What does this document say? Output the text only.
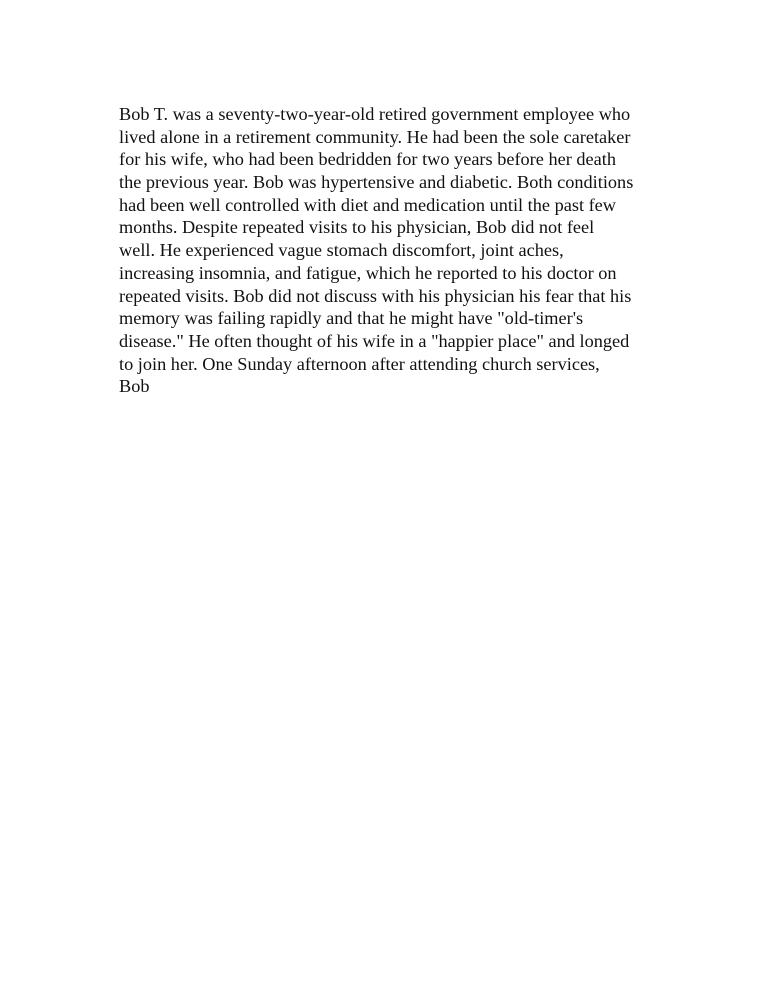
Bob T. was a seventy-two-year-old retired government employee who
lived alone in a retirement community. He had been the sole caretaker
for his wife, who had been bedridden for two years before her death
the previous year. Bob was hypertensive and diabetic. Both conditions
had been well controlled with diet and medication until the past few
months. Despite repeated visits to his physician, Bob did not feel
well. He experienced vague stomach discomfort, joint aches,
increasing insomnia, and fatigue, which he reported to his doctor on
repeated visits. Bob did not discuss with his physician his fear that his
memory was failing rapidly and that he might have "old-timer's
disease." He often thought of his wife in a "happier place" and longed
to join her. One Sunday afternoon after attending church services,
Bob
